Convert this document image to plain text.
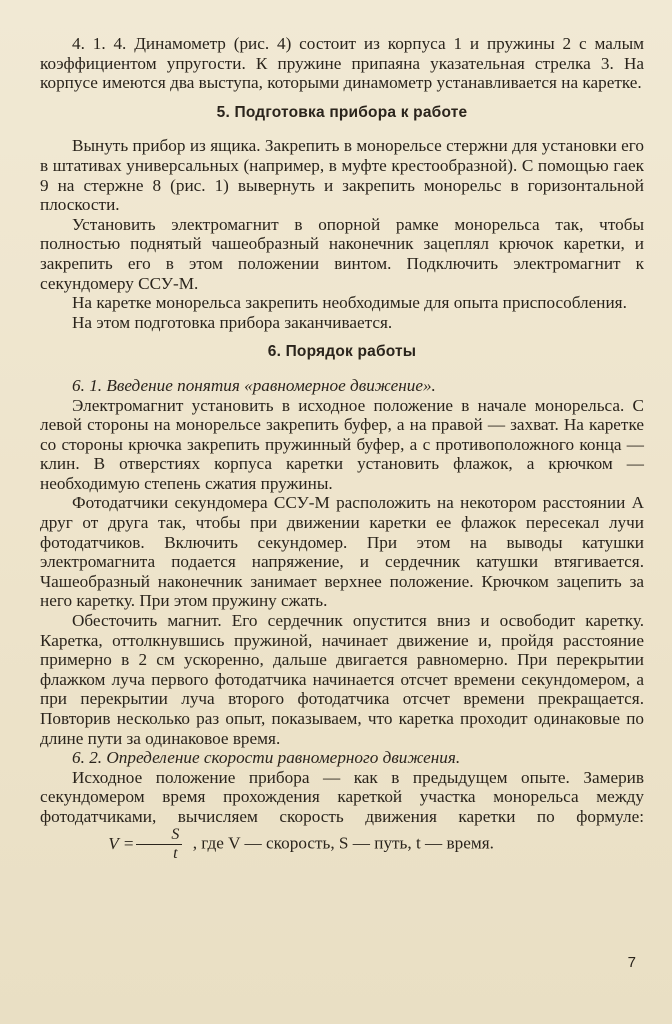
4. 1. 4. Динамометр (рис. 4) состоит из корпуса 1 и пружины 2 с малым коэффициентом упругости. К пружине припаяна указательная стрелка 3. На корпусе имеются два выступа, которыми динамометр устанавливается на каретке.

5. Подготовка прибора к работе

Вынуть прибор из ящика. Закрепить в монорельсе стержни для установки его в штативах универсальных (например, в муфте крестообразной). С помощью гаек 9 на стержне 8 (рис. 1) вывернуть и закрепить монорельс в горизонтальной плоскости.

Установить электромагнит в опорной рамке монорельса так, чтобы полностью поднятый чашеобразный наконечник зацеплял крючок каретки, и закрепить его в этом положении винтом. Подключить электромагнит к секундомеру ССУ-М.

На каретке монорельса закрепить необходимые для опыта приспособления.

На этом подготовка прибора заканчивается.

6. Порядок работы

6. 1. Введение понятия «равномерное движение».

Электромагнит установить в исходное положение в начале монорельса. С левой стороны на монорельсе закрепить буфер, а на правой — захват. На каретке со стороны крючка закрепить пружинный буфер, а с противоположного конца — клин. В отверстиях корпуса каретки установить флажок, а крючком — необходимую степень сжатия пружины.

Фотодатчики секундомера ССУ-М расположить на некотором расстоянии A друг от друга так, чтобы при движении каретки ее флажок пересекал лучи фотодатчиков. Включить секундомер. При этом на выводы катушки электромагнита подается напряжение, и сердечник катушки втягивается. Чашеобразный наконечник занимает верхнее положение. Крючком зацепить за него каретку. При этом пружину сжать.

Обесточить магнит. Его сердечник опустится вниз и освободит каретку. Каретка, оттолкнувшись пружиной, начинает движение и, пройдя расстояние примерно в 2 см ускоренно, дальше двигается равномерно. При перекрытии флажком луча первого фотодатчика начинается отсчет времени секундомером, а при перекрытии луча второго фотодатчика отсчет времени прекращается. Повторив несколько раз опыт, показываем, что каретка проходит одинаковые по длине пути за одинаковое время.

6. 2. Определение скорости равномерного движения.

Исходное положение прибора — как в предыдущем опыте. Замерив секундомером время прохождения кареткой участка монорельса между фотодатчиками, вычисляем скорость движения каретки по формуле:
$V = \frac{S}{t}$ , где V — скорость, S — путь, t — время.

7
